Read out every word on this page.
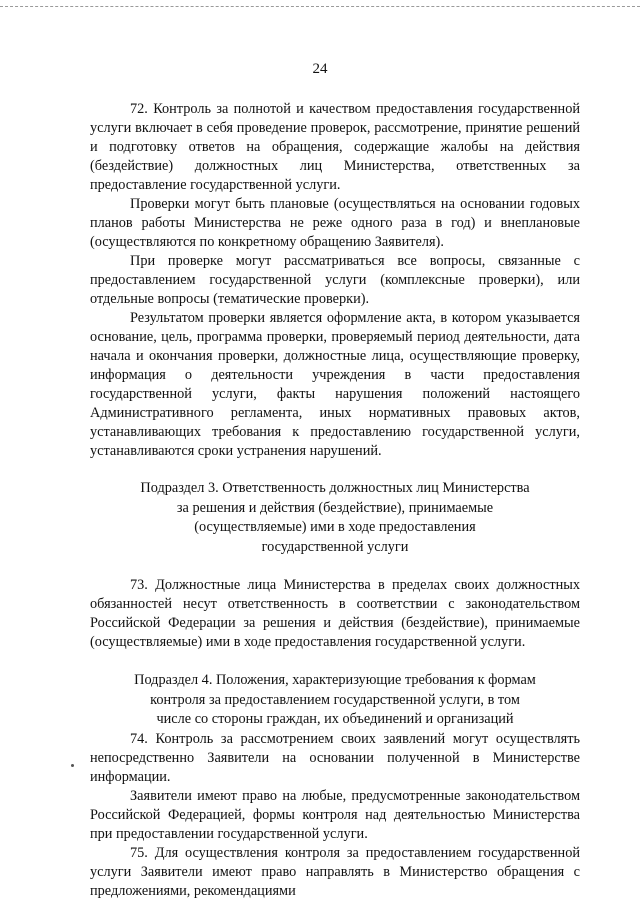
24

72. Контроль за полнотой и качеством предоставления государственной услуги включает в себя проведение проверок, рассмотрение, принятие решений и подготовку ответов на обращения, содержащие жалобы на действия (бездействие) должностных лиц Министерства, ответственных за предоставление государственной услуги.

Проверки могут быть плановые (осуществляться на основании годовых планов работы Министерства не реже одного раза в год) и внеплановые (осуществляются по конкретному обращению Заявителя).

При проверке могут рассматриваться все вопросы, связанные с предоставлением государственной услуги (комплексные проверки), или отдельные вопросы (тематические проверки).

Результатом проверки является оформление акта, в котором указывается основание, цель, программа проверки, проверяемый период деятельности, дата начала и окончания проверки, должностные лица, осуществляющие проверку, информация о деятельности учреждения в части предоставления государственной услуги, факты нарушения положений настоящего Административного регламента, иных нормативных правовых актов, устанавливающих требования к предоставлению государственной услуги, устанавливаются сроки устранения нарушений.

Подраздел 3. Ответственность должностных лиц Министерства
за решения и действия (бездействие), принимаемые
(осуществляемые) ими в ходе предоставления
государственной услуги

73. Должностные лица Министерства в пределах своих должностных обязанностей несут ответственность в соответствии с законодательством Российской Федерации за решения и действия (бездействие), принимаемые (осуществляемые) ими в ходе предоставления государственной услуги.

Подраздел 4. Положения, характеризующие требования к формам
контроля за предоставлением государственной услуги, в том
числе со стороны граждан, их объединений и организаций

74. Контроль за рассмотрением своих заявлений могут осуществлять непосредственно Заявители на основании полученной в Министерстве информации.

Заявители имеют право на любые, предусмотренные законодательством Российской Федерацией, формы контроля над деятельностью Министерства при предоставлении государственной услуги.

75. Для осуществления контроля за предоставлением государственной услуги Заявители имеют право направлять в Министерство обращения с предложениями, рекомендациями
